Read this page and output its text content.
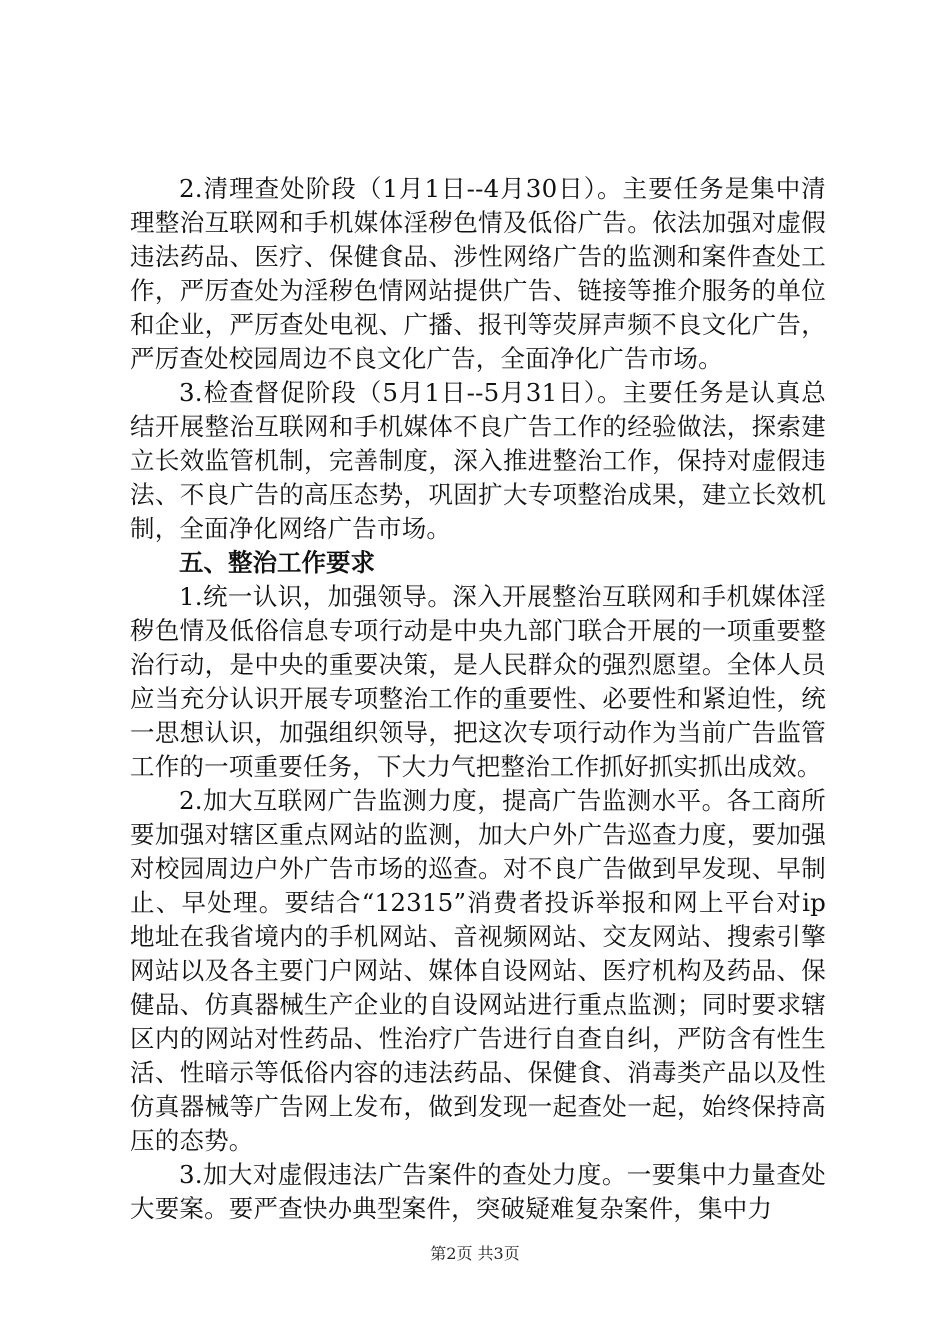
2.清理查处阶段（1月1日--4月30日）。主要任务是集中清理整治互联网和手机媒体淫秽色情及低俗广告。依法加强对虚假违法药品、医疗、保健食品、涉性网络广告的监测和案件查处工作，严厉查处为淫秽色情网站提供广告、链接等推介服务的单位和企业，严厉查处电视、广播、报刊等荧屏声频不良文化广告，严厉查处校园周边不良文化广告，全面净化广告市场。

3.检查督促阶段（5月1日--5月31日）。主要任务是认真总结开展整治互联网和手机媒体不良广告工作的经验做法，探索建立长效监管机制，完善制度，深入推进整治工作，保持对虚假违法、不良广告的高压态势，巩固扩大专项整治成果，建立长效机制，全面净化网络广告市场。

五、整治工作要求

1.统一认识，加强领导。深入开展整治互联网和手机媒体淫秽色情及低俗信息专项行动是中央九部门联合开展的一项重要整治行动，是中央的重要决策，是人民群众的强烈愿望。全体人员应当充分认识开展专项整治工作的重要性、必要性和紧迫性，统一思想认识，加强组织领导，把这次专项行动作为当前广告监管工作的一项重要任务，下大力气把整治工作抓好抓实抓出成效。

2.加大互联网广告监测力度，提高广告监测水平。各工商所要加强对辖区重点网站的监测，加大户外广告巡查力度，要加强对校园周边户外广告市场的巡查。对不良广告做到早发现、早制止、早处理。要结合“12315”消费者投诉举报和网上平台对ip地址在我省境内的手机网站、音视频网站、交友网站、搜索引擎网站以及各主要门户网站、媒体自设网站、医疗机构及药品、保健品、仿真器械生产企业的自设网站进行重点监测；同时要求辖区内的网站对性药品、性治疗广告进行自查自纠，严防含有性生活、性暗示等低俗内容的违法药品、保健食、消毒类产品以及性仿真器械等广告网上发布，做到发现一起查处一起，始终保持高压的态势。

3.加大对虚假违法广告案件的查处力度。一要集中力量查处大要案。要严查快办典型案件，突破疑难复杂案件，集中力

第2页 共3页
